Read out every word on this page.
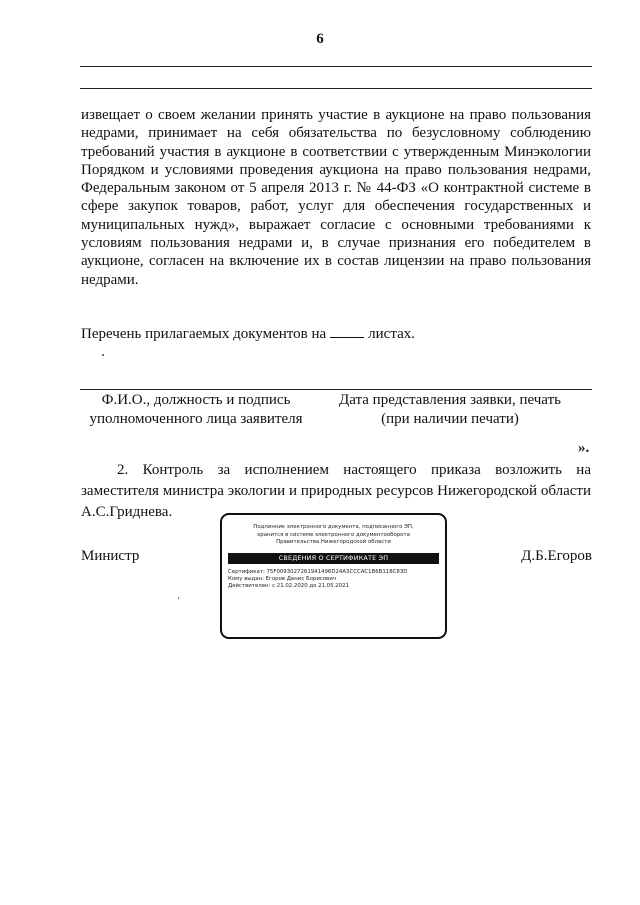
6

извещает о своем желании принять участие в аукционе на право пользования недрами, принимает на себя обязательства по безусловному соблюдению требований участия в аукционе в соответствии с утвержденным Минэкологии Порядком и условиями проведения аукциона на право пользования недрами, Федеральным законом от 5 апреля 2013 г. № 44-ФЗ «О контрактной системе в сфере закупок товаров, работ, услуг для обеспечения государственных и муниципальных нужд», выражает согласие с основными требованиями к условиям пользования недрами и, в случае признания его победителем в аукционе, согласен на включение их в состав лицензии на право пользования недрами.

Перечень прилагаемых документов на	листах.
Ф.И.О., должность и подпись
уполномоченного лица заявителя
Дата представления заявки, печать
(при наличии печати)
».

2. Контроль за исполнением настоящего приказа возложить на заместителя министра экологии и природных ресурсов Нижегородской области А.С.Гриднева.

Министр	Д.Б.Егоров
Подлинник электронного документа, подписанного ЭП,
хранится в системе электронного документооборота
Правительства Нижегородской области
СВЕДЕНИЯ О СЕРТИФИКАТЕ ЭП
Сертификат: 75F0093027261941496D24A3CCCAC1B6B118C83D
Кому выдан: Егоров Денис Борисович
Действителен: с 21.02.2020 до 21.05.2021
